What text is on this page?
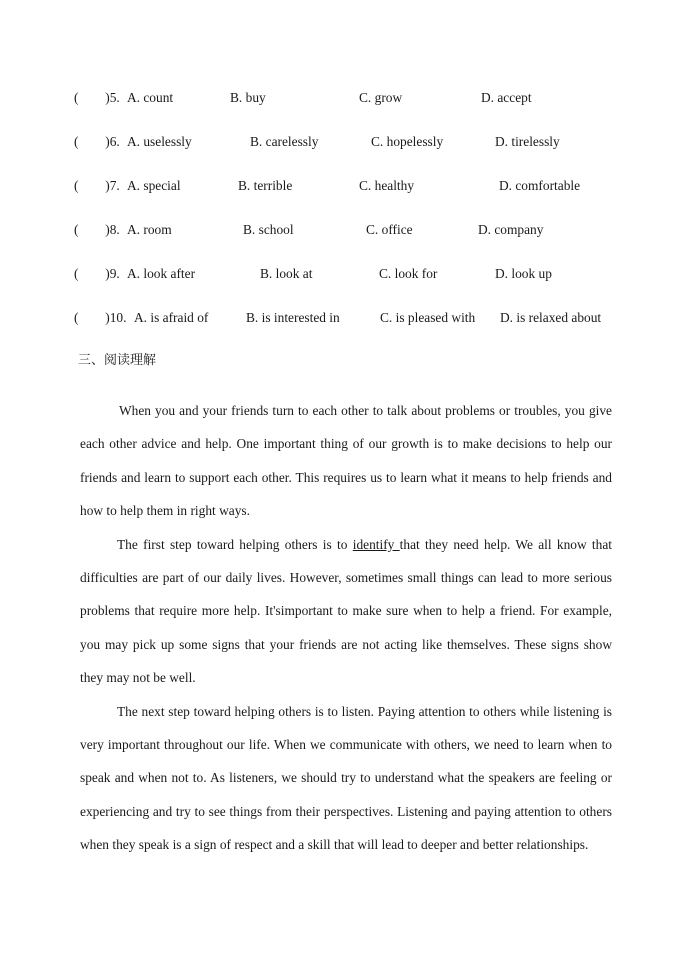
(　　)5. A. count	B. buy	C. grow	D. accept
(　　)6. A. uselessly	B. carelessly	C. hopelessly	D. tirelessly
(　　)7. A. special	B. terrible	C. healthy	D. comfortable
(　　)8. A. room	B. school	C. office	D. company
(　　)9. A. look after	B. look at	C. look for	D. look up
(　　)10. A. is afraid of	B. is interested in	C. is pleased with D. is relaxed about
三、阅读理解

When you and your friends turn to each other to talk about problems or troubles, you give each other advice and help. One important thing of our growth is to make decisions to help our friends and learn to support each other. This requires us to learn what it means to help friends and how to help them in right ways.

The first step toward helping others is to identify that they need help. We all know that difficulties are part of our daily lives. However, sometimes small things can lead to more serious problems that require more help. It'simportant to make sure when to help a friend. For example, you may pick up some signs that your friends are not acting like themselves. These signs show they may not be well.

The next step toward helping others is to listen. Paying attention to others while listening is very important throughout our life. When we communicate with others, we need to learn when to speak and when not to. As listeners, we should try to understand what the speakers are feeling or experiencing and try to see things from their perspectives. Listening and paying attention to others when they speak is a sign of respect and a skill that will lead to deeper and better relationships.
